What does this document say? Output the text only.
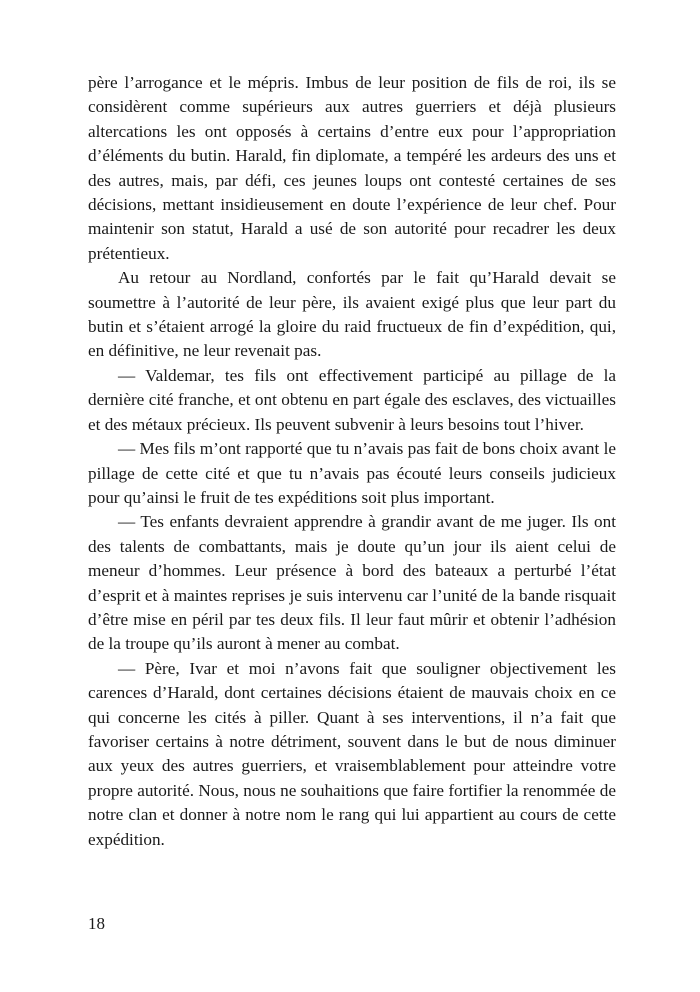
père l’arrogance et le mépris. Imbus de leur position de fils de roi, ils se considèrent comme supérieurs aux autres guerriers et déjà plusieurs altercations les ont opposés à certains d’entre eux pour l’appropriation d’éléments du butin. Harald, fin diplomate, a tempéré les ardeurs des uns et des autres, mais, par défi, ces jeunes loups ont contesté certaines de ses décisions, mettant insidieusement en doute l’expérience de leur chef. Pour maintenir son statut, Harald a usé de son autorité pour recadrer les deux prétentieux.

Au retour au Nordland, confortés par le fait qu’Harald devait se soumettre à l’autorité de leur père, ils avaient exigé plus que leur part du butin et s’étaient arrogé la gloire du raid fructueux de fin d’expédition, qui, en définitive, ne leur revenait pas.

— Valdemar, tes fils ont effectivement participé au pillage de la dernière cité franche, et ont obtenu en part égale des esclaves, des victuailles et des métaux précieux. Ils peuvent subvenir à leurs besoins tout l’hiver.

— Mes fils m’ont rapporté que tu n’avais pas fait de bons choix avant le pillage de cette cité et que tu n’avais pas écouté leurs conseils judicieux pour qu’ainsi le fruit de tes expéditions soit plus important.

— Tes enfants devraient apprendre à grandir avant de me juger. Ils ont des talents de combattants, mais je doute qu’un jour ils aient celui de meneur d’hommes. Leur présence à bord des bateaux a perturbé l’état d’esprit et à maintes reprises je suis intervenu car l’unité de la bande risquait d’être mise en péril par tes deux fils. Il leur faut mûrir et obtenir l’adhésion de la troupe qu’ils auront à mener au combat.

— Père, Ivar et moi n’avons fait que souligner objectivement les carences d’Harald, dont certaines décisions étaient de mauvais choix en ce qui concerne les cités à piller. Quant à ses interventions, il n’a fait que favoriser certains à notre détriment, souvent dans le but de nous diminuer aux yeux des autres guerriers, et vraisemblablement pour atteindre votre propre autorité. Nous, nous ne souhaitions que faire fortifier la renommée de notre clan et donner à notre nom le rang qui lui appartient au cours de cette expédition.

18
